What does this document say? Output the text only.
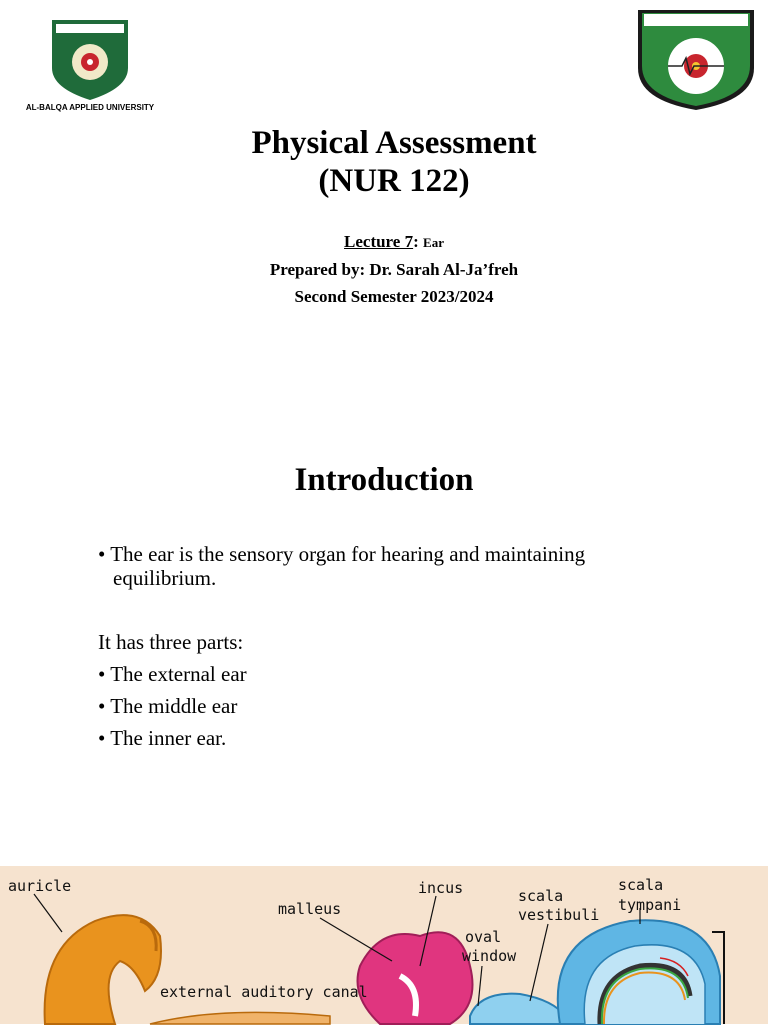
AL-BALQA APPLIED UNIVERSITY
Physical Assessment
(NUR 122)
Lecture 7: Ear
Prepared by: Dr. Sarah Al-Ja’freh
Second Semester 2023/2024
Introduction
• The ear is the sensory organ for hearing and maintaining
equilibrium.
It has three parts:
• The external ear
• The middle ear
• The inner ear.
auricle
malleus
incus	scala
vestibuli
scala
tympani
oval
window
external auditory canal
